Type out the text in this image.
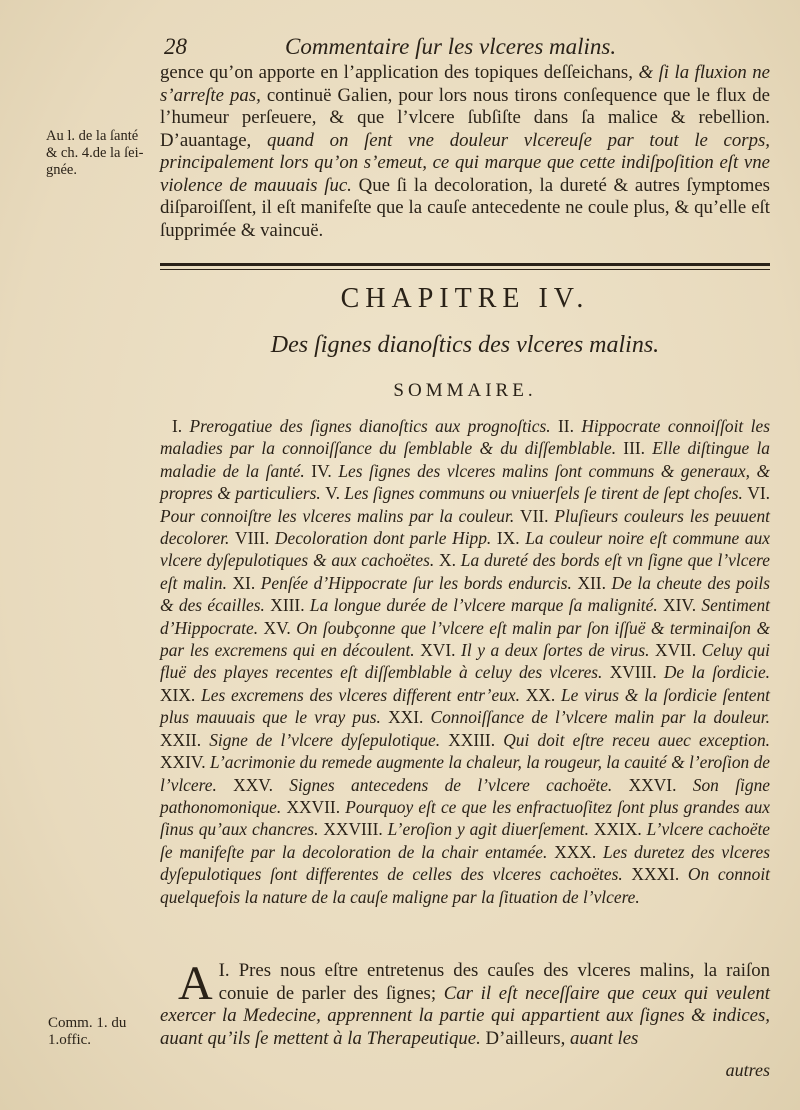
28	Commentaire ſur les vlceres malins.
Au l. de la ſanté & ch. 4.de la ſei-gnée.

gence qu’on apporte en l’application des topiques deſſeichans, & ſi la fluxion ne s’arreſte pas, continuë Galien, pour lors nous tirons conſequence que le flux de l’humeur perſeuere, & que l’vlcere ſubſiſte dans ſa malice & rebellion. D’auantage, quand on ſent vne douleur vlcereuſe par tout le corps, principalement lors qu’on s’emeut, ce qui marque que cette indiſpoſition eſt vne violence de mauuais ſuc. Que ſi la decoloration, la dureté & autres ſymptomes diſparoiſſent, il eſt manifeſte que la cauſe antecedente ne coule plus, & qu’elle eſt ſupprimée & vaincuë.

CHAPITRE IV.
Des ſignes dianoſtics des vlceres malins.
SOMMAIRE.

I. Prerogatiue des ſignes dianoſtics aux prognoſtics. II. Hippocrate connoiſſoit les maladies par la connoiſſance du ſemblable & du diſſemblable. III. Elle diſtingue la maladie de la ſanté. IV. Les ſignes des vlceres malins ſont communs & generaux, & propres & particuliers. V. Les ſignes communs ou vniuerſels ſe tirent de ſept choſes. VI. Pour connoiſtre les vlceres malins par la couleur. VII. Pluſieurs couleurs les peuuent decolorer. VIII. Decoloration dont parle Hipp. IX. La couleur noire eſt commune aux vlcere dyſepulotiques & aux cachoëtes. X. La dureté des bords eſt vn ſigne que l’vlcere eſt malin. XI. Penſée d’Hippocrate ſur les bords endurcis. XII. De la cheute des poils & des écailles. XIII. La longue durée de l’vlcere marque ſa malignité. XIV. Sentiment d’Hippocrate. XV. On ſoubçonne que l’vlcere eſt malin par ſon iſſuë & terminaiſon & par les excremens qui en découlent. XVI. Il y a deux ſortes de virus. XVII. Celuy qui fluë des playes recentes eſt diſſemblable à celuy des vlceres. XVIII. De la ſordicie. XIX. Les excremens des vlceres different entr’eux. XX. Le virus & la ſordicie ſentent plus mauuais que le vray pus. XXI. Connoiſſance de l’vlcere malin par la douleur. XXII. Signe de l’vlcere dyſepulotique. XXIII. Qui doit eſtre receu auec exception. XXIV. L’acrimonie du remede augmente la chaleur, la rougeur, la cauité & l’eroſion de l’vlcere. XXV. Signes antecedens de l’vlcere cachoëte. XXVI. Son ſigne pathonomonique. XXVII. Pourquoy eſt ce que les enfractuoſitez ſont plus grandes aux ſinus qu’aux chancres. XXVIII. L’eroſion y agit diuerſement. XXIX. L’vlcere cachoëte ſe manifeſte par la decoloration de la chair entamée. XXX. Les duretez des vlceres dyſepulotiques ſont differentes de celles des vlceres cachoëtes. XXXI. On connoit quelquefois la nature de la cauſe maligne par la ſituation de l’vlcere.

I.
A Pres nous eſtre entretenus des cauſes des vlceres malins, la raiſon conuie de parler des ſignes; Car il eſt neceſſaire que ceux qui veulent exercer la Medecine, apprennent la partie qui appartient aux ſignes & indices, auant qu’ils ſe mettent à la Therapeutique. D’ailleurs, auant les

Comm. 1. du 1.offic.
autres
